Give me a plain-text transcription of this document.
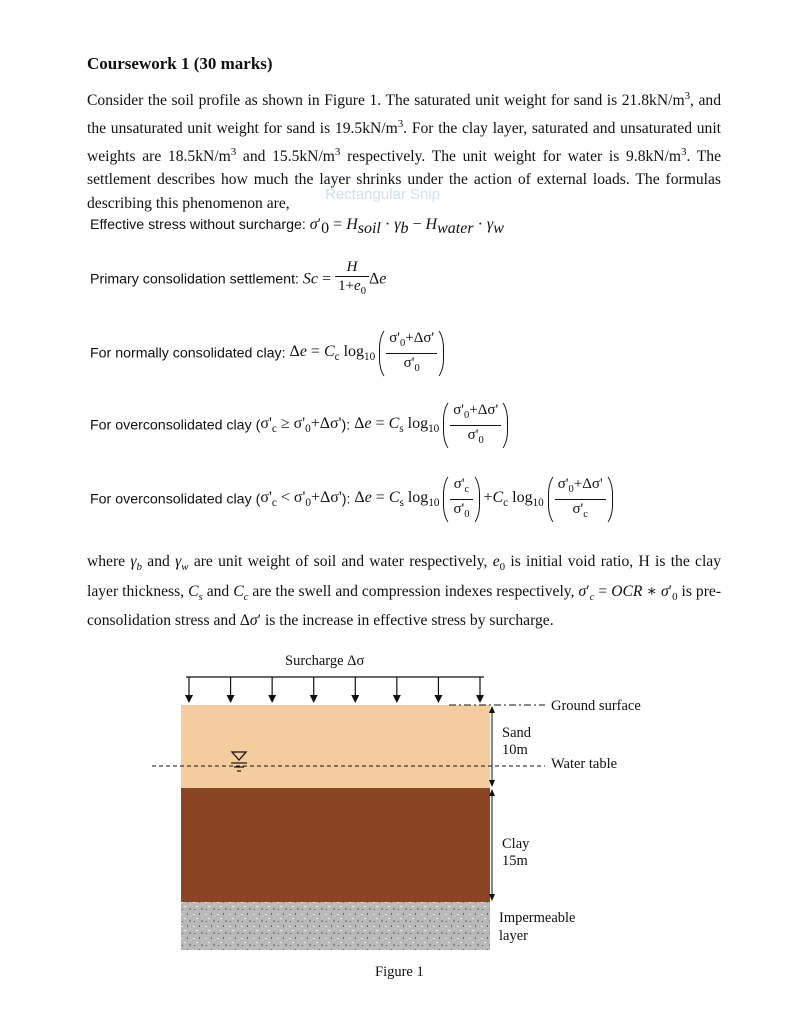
Coursework 1 (30 marks)
Consider the soil profile as shown in Figure 1. The saturated unit weight for sand is $21.8kN/m^3$, and the unsaturated unit weight for sand is $19.5kN/m^3$. For the clay layer, saturated and unsaturated unit weights are $18.5kN/m^3$ and $15.5kN/m^3$ respectively. The unit weight for water is $9.8kN/m^3$. The settlement describes how much the layer shrinks under the action of external loads. The formulas describing this phenomenon are,
Rectangular Snip
Effective stress without surcharge: $\sigma'_0 = H_{soil} \cdot \gamma_b - H_{water} \cdot \gamma_w$
Primary consolidation settlement: $Sc = \frac{H}{1+e_0}$ Δe
For normally consolidated clay: $\Delta e = C_c$ $\log_{10} \frac{\sigma'_0+\Delta\sigma'}{\sigma'_0}$
For overconsolidated clay $(\sigma'_c \ge \sigma'_0+\Delta\sigma')$: $\Delta e = C_s$ $\log_{10} \frac{\sigma'_0+\Delta\sigma'}{\sigma'_0}$
For overconsolidated clay $(\sigma'_c < \sigma'_0+\Delta\sigma')$: $\Delta e = C_s$ $\log_{10} \frac{\sigma'_c}{\sigma'_0} +C_c$ $\log_{10} \frac{\sigma'_0+\Delta\sigma'}{\sigma'_c}$
where $\gamma_b$ and $\gamma_w$ are unit weight of soil and water respectively, $e_0$ is initial void ratio, H is the clay layer thickness, $C_s$ and $C_c$ are the swell and compression indexes respectively, $\sigma'_c$ = OCR ∗ $\sigma'_0$ is pre-consolidation stress and Δσ′ is the increase in effective stress by surcharge.
Surcharge Δσ
Ground surface
Sand
10m
Water table
Clay
15m
Impermeable
layer
Figure 1
